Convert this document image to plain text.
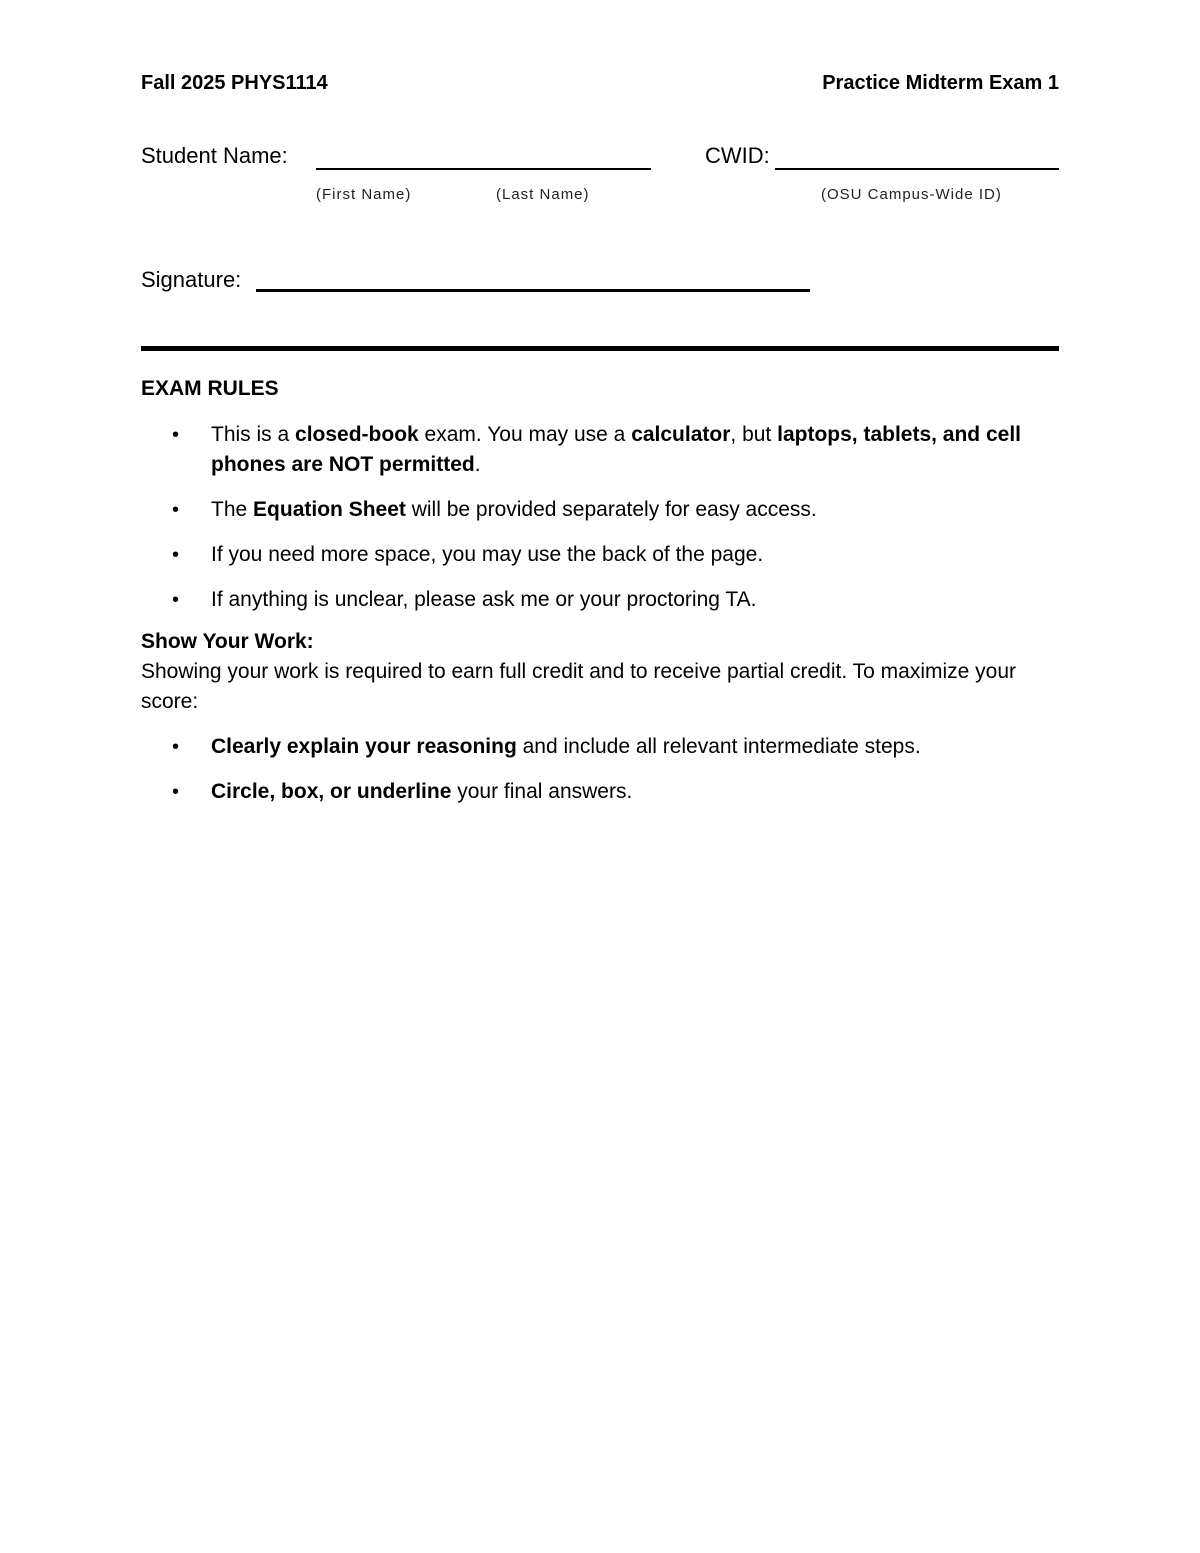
Fall 2025 PHYS1114	Practice Midterm Exam 1
Student Name:
(First Name)	(Last Name)
CWID:
(OSU Campus-Wide ID)
Signature:
EXAM RULES
• This is a closed-book exam. You may use a calculator, but laptops, tablets, and cell phones are NOT permitted.
• The Equation Sheet will be provided separately for easy access.
• If you need more space, you may use the back of the page.
• If anything is unclear, please ask me or your proctoring TA.
Show Your Work:
Showing your work is required to earn full credit and to receive partial credit. To maximize your score:
• Clearly explain your reasoning and include all relevant intermediate steps.
• Circle, box, or underline your final answers.
